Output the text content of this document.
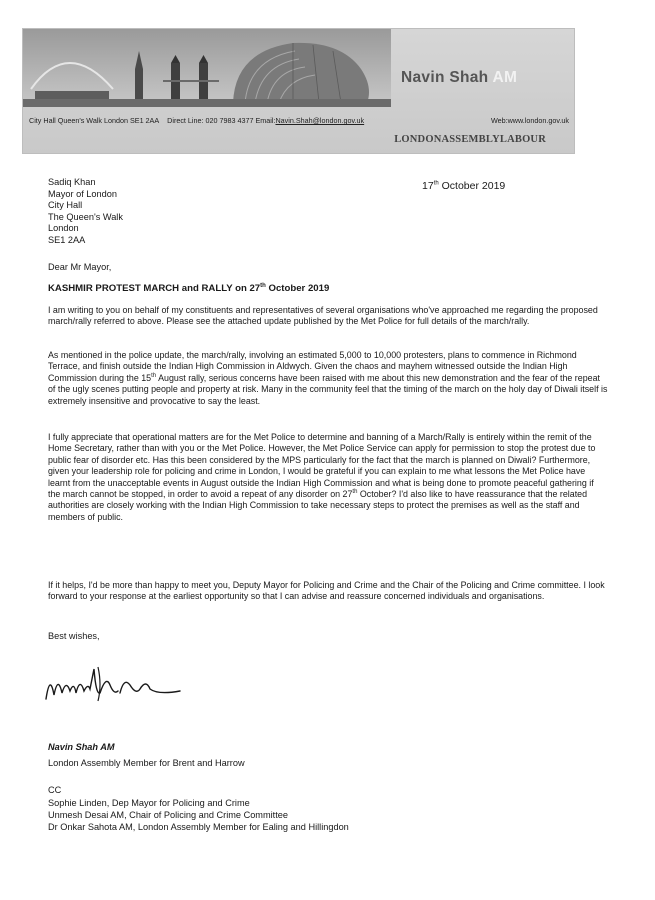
Navin Shah AM
City Hall Queen's Walk London SE1 2AA Direct Line: 020 7983 4377 Email:Navin.Shah@london.gov.uk	Web:www.london.gov.uk
LONDONASSEMBLYLABOUR
Sadiq Khan
Mayor of London
City Hall
The Queen's Walk
London
SE1 2AA
17th October 2019
Dear Mr Mayor,
KASHMIR PROTEST MARCH and RALLY on 27th October 2019
I am writing to you on behalf of my constituents and representatives of several organisations who've approached me regarding the proposed march/rally referred to above. Please see the attached update published by the Met Police for full details of the march/rally.
As mentioned in the police update, the march/rally, involving an estimated 5,000 to 10,000 protesters, plans to commence in Richmond Terrace, and finish outside the Indian High Commission in Aldwych. Given the chaos and mayhem witnessed outside the Indian High Commission during the 15th August rally, serious concerns have been raised with me about this new demonstration and the fear of the repeat of the ugly scenes putting people and property at risk. Many in the community feel that the timing of the march on the holy day of Diwali itself is extremely insensitive and provocative to say the least.
I fully appreciate that operational matters are for the Met Police to determine and banning of a March/Rally is entirely within the remit of the Home Secretary, rather than with you or the Met Police. However, the Met Police Service can apply for permission to stop the protest due to public fear of disorder etc. Has this been considered by the MPS particularly for the fact that the march is planned on Diwali? Furthermore, given your leadership role for policing and crime in London, I would be grateful if you can explain to me what lessons the Met Police have learnt from the unacceptable events in August outside the Indian High Commission and what is being done to promote peaceful gathering if the march cannot be stopped, in order to avoid a repeat of any disorder on 27th October? I'd also like to have reassurance that the related authorities are closely working with the Indian High Commission to take necessary steps to protect the premises as well as the staff and members of public.
If it helps, I'd be more than happy to meet you, Deputy Mayor for Policing and Crime and the Chair of the Policing and Crime committee. I look forward to your response at the earliest opportunity so that I can advise and reassure concerned individuals and organisations.
Best wishes,
Navin Shah AM
London Assembly Member for Brent and Harrow
CC
Sophie Linden, Dep Mayor for Policing and Crime
Unmesh Desai AM, Chair of Policing and Crime Committee
Dr Onkar Sahota AM, London Assembly Member for Ealing and Hillingdon
